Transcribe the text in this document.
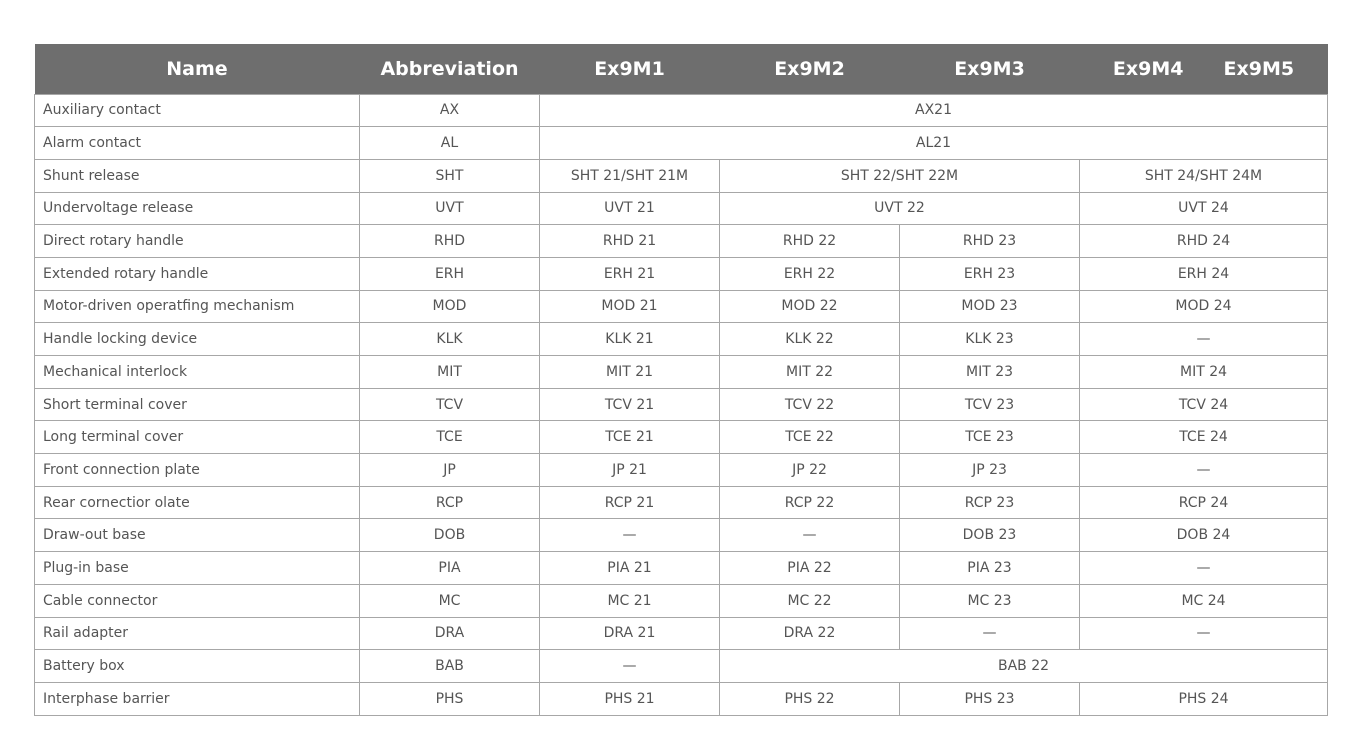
Name	Abbreviation	Ex9M1	Ex9M2	Ex9M3	Ex9M4 Ex9M5
Auxiliary contact	AX	AX21			
Alarm contact	AL	AL21			
Shunt release	SHT	SHT 21/SHT 21M	SHT 22/SHT 22M		SHT 24/SHT 24M
Undervoltage release	UVT	UVT 21	UVT 22		UVT 24
Direct rotary handle	RHD	RHD 21	RHD 22	RHD 23	RHD 24
Extended rotary handle	ERH	ERH 21	ERH 22	ERH 23	ERH 24
Motor-driven operatfing mechanism	MOD	MOD 21	MOD 22	MOD 23	MOD 24
Handle locking device	KLK	KLK 21	KLK 22	KLK 23	—
Mechanical interlock	MIT	MIT 21	MIT 22	MIT 23	MIT 24
Short terminal cover	TCV	TCV 21	TCV 22	TCV 23	TCV 24
Long terminal cover	TCE	TCE 21	TCE 22	TCE 23	TCE 24
Front connection plate	JP	JP 21	JP 22	JP 23	—
Rear cornectior olate	RCP	RCP 21	RCP 22	RCP 23	RCP 24
Draw-out base	DOB	—	—	DOB 23	DOB 24
Plug-in base	PIA	PIA 21	PIA 22	PIA 23	—
Cable connector	MC	MC 21	MC 22	MC 23	MC 24
Rail adapter	DRA	DRA 21	DRA 22	—	—
Battery box	BAB	—	BAB 22		
Interphase barrier	PHS	PHS 21	PHS 22	PHS 23	PHS 24
